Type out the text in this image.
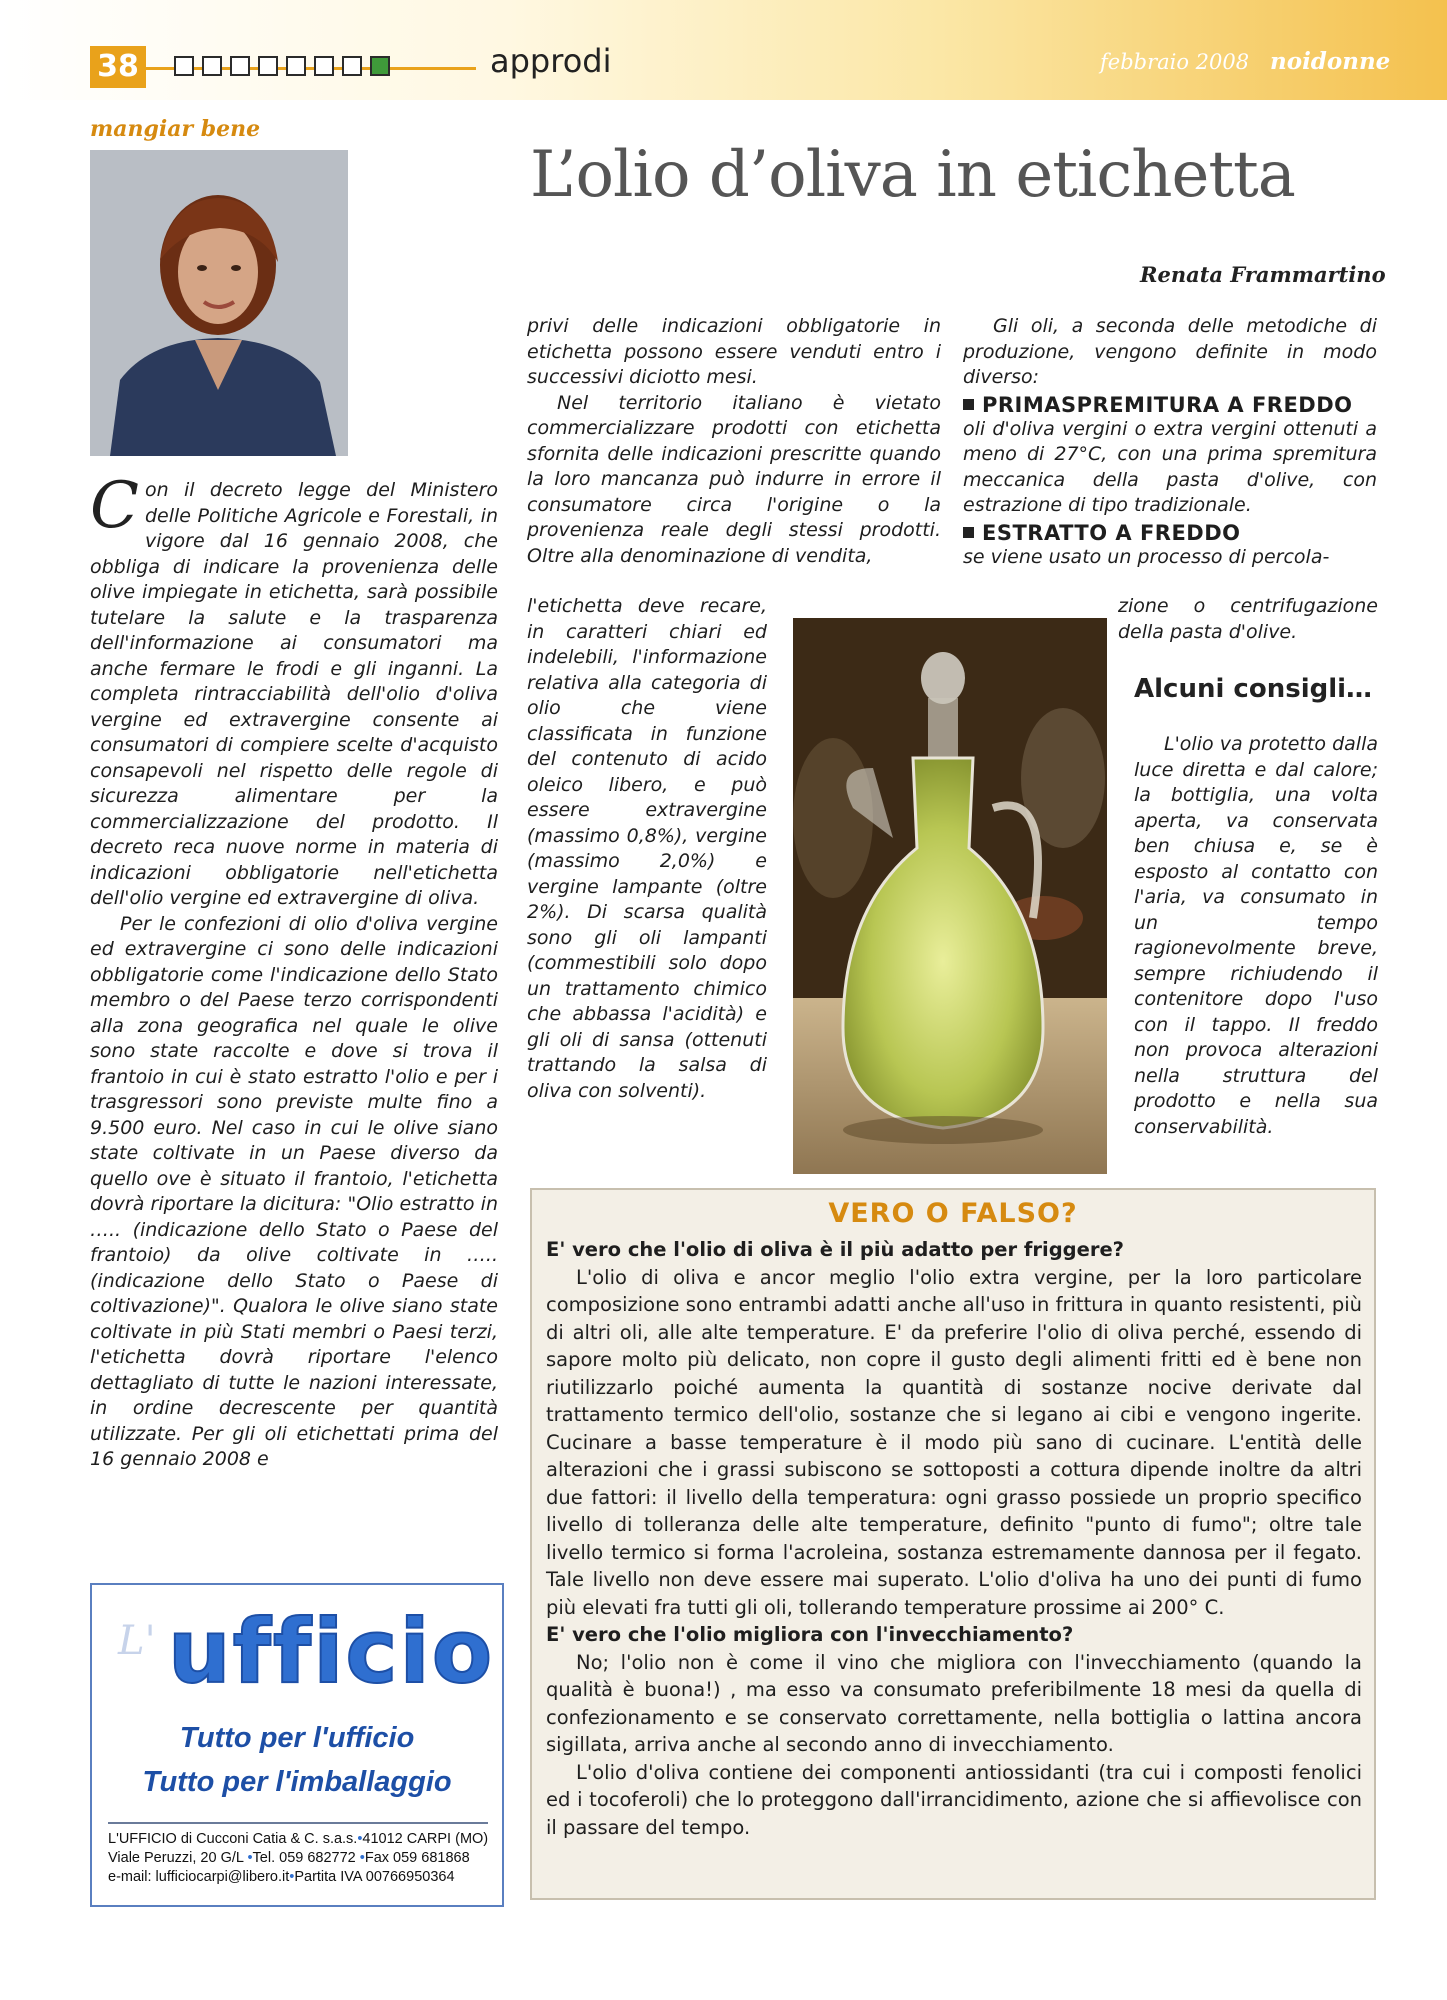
38	approdi	febbraio 2008 noidonne
mangiar bene
L’olio d’oliva in etichetta
Renata Frammartino

Con il decreto legge del Ministero delle Politiche Agricole e Forestali, in vigore dal 16 gennaio 2008, che obbliga di indicare la provenienza delle olive impiegate in etichetta, sarà possibile tutelare la salute e la trasparenza dell'informazione ai consumatori ma anche fermare le frodi e gli inganni. La completa rintracciabilità dell'olio d'oliva vergine ed extravergine consente ai consumatori di compiere scelte d'acquisto consapevoli nel rispetto delle regole di sicurezza alimentare per la commercializzazione del prodotto. Il decreto reca nuove norme in materia di indicazioni obbligatorie nell'etichetta dell'olio vergine ed extravergine di oliva.

Per le confezioni di olio d'oliva vergine ed extravergine ci sono delle indicazioni obbligatorie come l'indicazione dello Stato membro o del Paese terzo corrispondenti alla zona geografica nel quale le olive sono state raccolte e dove si trova il frantoio in cui è stato estratto l'olio e per i trasgressori sono previste multe fino a 9.500 euro. Nel caso in cui le olive siano state coltivate in un Paese diverso da quello ove è situato il frantoio, l'etichetta dovrà riportare la dicitura: "Olio estratto in ….. (indicazione dello Stato o Paese del frantoio) da olive coltivate in ….. (indicazione dello Stato o Paese di coltivazione)". Qualora le olive siano state coltivate in più Stati membri o Paesi terzi, l'etichetta dovrà riportare l'elenco dettagliato di tutte le nazioni interessate, in ordine decrescente per quantità utilizzate. Per gli oli etichettati prima del 16 gennaio 2008 e

privi delle indicazioni obbligatorie in etichetta possono essere venduti entro i successivi diciotto mesi.

Nel territorio italiano è vietato commercializzare prodotti con etichetta sfornita delle indicazioni prescritte quando la loro mancanza può indurre in errore il consumatore circa l'origine o la provenienza reale degli stessi prodotti. Oltre alla denominazione di vendita,

l'etichetta deve recare, in caratteri chiari ed indelebili, l'informazione relativa alla categoria di olio che viene classificata in funzione del contenuto di acido oleico libero, e può essere extravergine (massimo 0,8%), vergine (massimo 2,0%) e vergine lampante (oltre 2%). Di scarsa qualità sono gli oli lampanti (commestibili solo dopo un trattamento chimico che abbassa l'acidità) e gli oli di sansa (ottenuti trattando la salsa di oliva con solventi).

Gli oli, a seconda delle metodiche di produzione, vengono definite in modo diverso:

PRIMASPREMITURA A FREDDO

oli d'oliva vergini o extra vergini ottenuti a meno di 27°C, con una prima spremitura meccanica della pasta d'olive, con estrazione di tipo tradizionale.

ESTRATTO A FREDDO

se viene usato un processo di percola-

zione o centrifugazione della pasta d'olive.

Alcuni consigli…

L'olio va protetto dalla luce diretta e dal calore; la bottiglia, una volta aperta, va conservata ben chiusa e, se è esposto al contatto con l'aria, va consumato in un tempo ragionevolmente breve, sempre richiudendo il contenitore dopo l'uso con il tappo. Il freddo non provoca alterazioni nella struttura del prodotto e nella sua conservabilità.

VERO O FALSO?

E' vero che l'olio di oliva è il più adatto per friggere?

L'olio di oliva e ancor meglio l'olio extra vergine, per la loro particolare composizione sono entrambi adatti anche all'uso in frittura in quanto resistenti, più di altri oli, alle alte temperature. E' da preferire l'olio di oliva perché, essendo di sapore molto più delicato, non copre il gusto degli alimenti fritti ed è bene non riutilizzarlo poiché aumenta la quantità di sostanze nocive derivate dal trattamento termico dell'olio, sostanze che si legano ai cibi e vengono ingerite. Cucinare a basse temperature è il modo più sano di cucinare. L'entità delle alterazioni che i grassi subiscono se sottoposti a cottura dipende inoltre da altri due fattori: il livello della temperatura: ogni grasso possiede un proprio specifico livello di tolleranza delle alte temperature, definito "punto di fumo"; oltre tale livello termico si forma l'acroleina, sostanza estremamente dannosa per il fegato. Tale livello non deve essere mai superato. L'olio d'oliva ha uno dei punti di fumo più elevati fra tutti gli oli, tollerando temperature prossime ai 200° C.

E' vero che l'olio migliora con l'invecchiamento?

No; l'olio non è come il vino che migliora con l'invecchiamento (quando la qualità è buona!) , ma esso va consumato preferibilmente 18 mesi da quella di confezionamento e se conservato correttamente, nella bottiglia o lattina ancora sigillata, arriva anche al secondo anno di invecchiamento.

L'olio d'oliva contiene dei componenti antiossidanti (tra cui i composti fenolici ed i tocoferoli) che lo proteggono dall'irrancidimento, azione che si affievolisce con il passare del tempo.

L' ufficio
Tutto per l'ufficio
Tutto per l'imballaggio
L'UFFICIO di Cucconi Catia & C. s.a.s.•41012 CARPI (MO)
Viale Peruzzi, 20 G/L •Tel. 059 682772 •Fax 059 681868
e-mail: lufficiocarpi@libero.it•Partita IVA 00766950364
